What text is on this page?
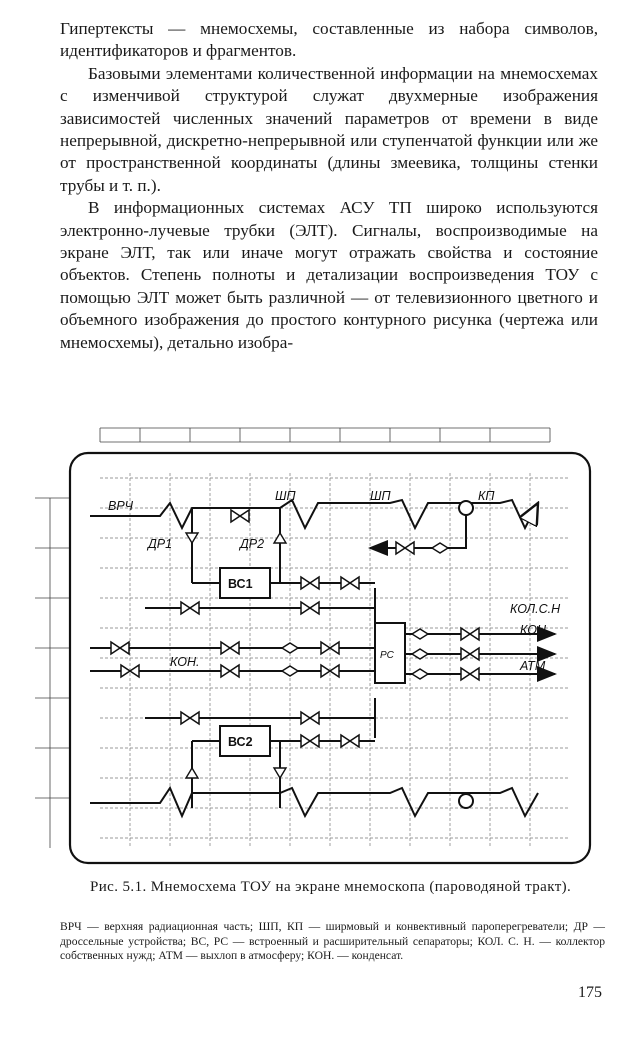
Гипертексты — мнемосхемы, составленные из набора символов, идентификаторов и фрагментов.

Базовыми элементами количественной информации на мнемосхемах с изменчивой структурой служат двухмерные изображения зависимостей численных значений параметров от времени в виде непрерывной, дискретно-непрерывной или ступенчатой функции или же от пространственной координаты (длины змеевика, толщины стенки трубы и т. п.).

В информационных системах АСУ ТП широко используются электронно-лучевые трубки (ЭЛТ). Сигналы, воспроизводимые на экране ЭЛТ, так или иначе могут отражать свойства и состояние объектов. Степень полноты и детализации воспроизведения ТОУ с помощью ЭЛТ может быть различной — от телевизионного цветного и объемного изображения до простого контурного рисунка (чертежа или мнемосхемы), детально изобра-

ВРЧ
ШП	ШП	КП
ДР1	ДР2
ВС1
ВС2
РС
КОЛ.С.Н
КОН.
АТМ
КОН.
Рис. 5.1. Мнемосхема ТОУ на экране мнемоскопа (пароводяной тракт).
ВРЧ — верхняя радиационная часть; ШП, КП — ширмовый и конвективный пароперегреватели; ДР — дроссельные устройства; ВС, РС — встроенный и расширительный сепараторы; КОЛ. С. Н. — коллектор собственных нужд; АТМ — выхлоп в атмосферу; КОН. — конденсат.
175
